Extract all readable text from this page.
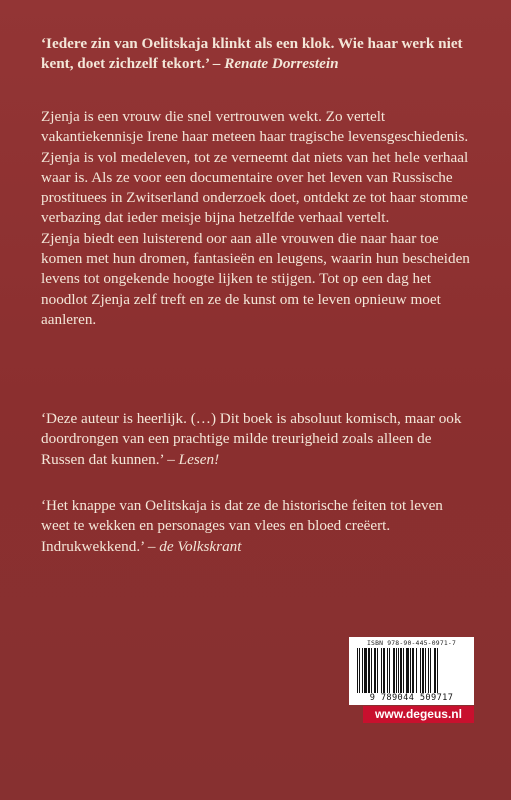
‘Iedere zin van Oelitskaja klinkt als een klok. Wie haar werk niet kent, doet zichzelf tekort.’ – Renate Dorrestein

Zjenja is een vrouw die snel vertrouwen wekt. Zo vertelt vakantiekennisje Irene haar meteen haar tragische levensgeschiedenis. Zjenja is vol medeleven, tot ze verneemt dat niets van het hele verhaal waar is. Als ze voor een documentaire over het leven van Russische prostituees in Zwitserland onderzoek doet, ontdekt ze tot haar stomme verbazing dat ieder meisje bijna hetzelfde verhaal vertelt.

Zjenja biedt een luisterend oor aan alle vrouwen die naar haar toe komen met hun dromen, fantasieën en leugens, waarin hun bescheiden levens tot ongekende hoogte lijken te stijgen. Tot op een dag het noodlot Zjenja zelf treft en ze de kunst om te leven opnieuw moet aanleren.

‘Deze auteur is heerlijk. (…) Dit boek is absoluut komisch, maar ook doordrongen van een prachtige milde treurigheid zoals alleen de Russen dat kunnen.’ – Lesen!
‘Het knappe van Oelitskaja is dat ze de historische feiten tot leven weet te wekken en personages van vlees en bloed creëert. Indrukwekkend.’ – de Volkskrant
ISBN 978-90-445-0971-7
9 789044 509717
www.degeus.nl
